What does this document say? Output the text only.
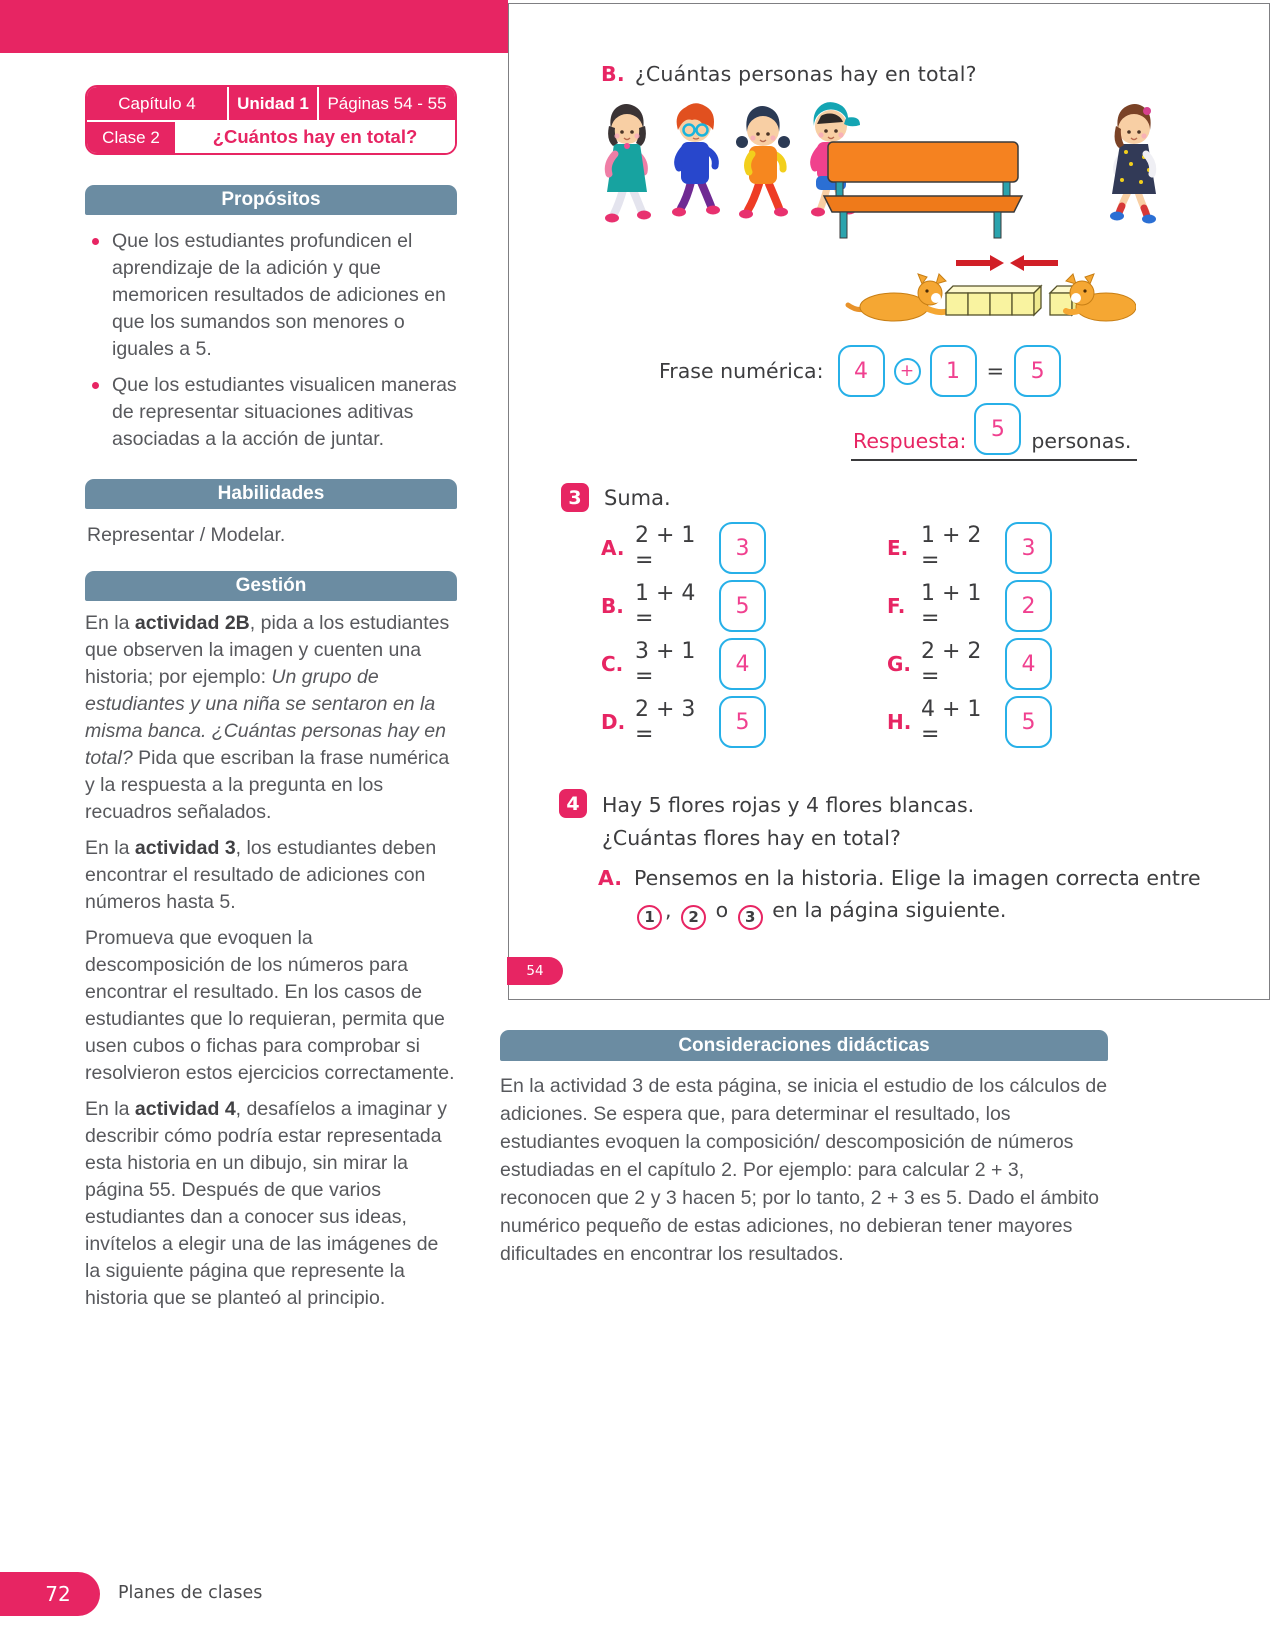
Capítulo 4	Unidad 1	Páginas 54 - 55
Clase 2	¿Cuántos hay en total?
Propósitos
Que los estudiantes profundicen el aprendizaje de la adición y que memoricen resultados de adiciones en que los sumandos son menores o iguales a 5.
Que los estudiantes visualicen maneras de representar situaciones aditivas asociadas a la acción de juntar.
Habilidades

Representar / Modelar.

Gestión

En la actividad 2B, pida a los estudiantes que observen la imagen y cuenten una historia; por ejemplo: Un grupo de estudiantes y una niña se sentaron en la misma banca. ¿Cuántas personas hay en total? Pida que escriban la frase numérica y la respuesta a la pregunta en los recuadros señalados.

En la actividad 3, los estudiantes deben encontrar el resultado de adiciones con números hasta 5.

Promueva que evoquen la descomposición de los números para encontrar el resultado. En los casos de estudiantes que lo requieran, permita que usen cubos o fichas para comprobar si resolvieron estos ejercicios correctamente.

En la actividad 4, desafíelos a imaginar y describir cómo podría estar representada esta historia en un dibujo, sin mirar la página 55. Después de que varios estudiantes dan a conocer sus ideas, invítelos a elegir una de las imágenes de la siguiente página que represente la historia que se planteó al principio.

B. ¿Cuántas personas hay en total?
Frase numérica: 4	+ 1 = 5
Respuesta: 5 personas.
3	Suma.
A. 2 + 1 =	3
B. 1 + 4 =	5
C. 3 + 1 =	4
D. 2 + 3 =	5
E. 1 + 2 =	3
F. 1 + 1 =	2
G. 2 + 2 =	4
H. 4 + 1 =	5
4	Hay 5 flores rojas y 4 flores blancas.
¿Cuántas flores hay en total?
A. Pensemos en la historia. Elige la imagen correcta entre
1 , 2 o 3 en la página siguiente.
54
Consideraciones didácticas

En la actividad 3 de esta página, se inicia el estudio de los cálculos de adiciones. Se espera que, para determinar el resultado, los estudiantes evoquen la composición/ descomposición de números estudiadas en el capítulo 2. Por ejemplo: para calcular 2 + 3, reconocen que 2 y 3 hacen 5; por lo tanto, 2 + 3 es 5. Dado el ámbito numérico pequeño de estas adiciones, no debieran tener mayores dificultades en encontrar los resultados.

72	Planes de clases
